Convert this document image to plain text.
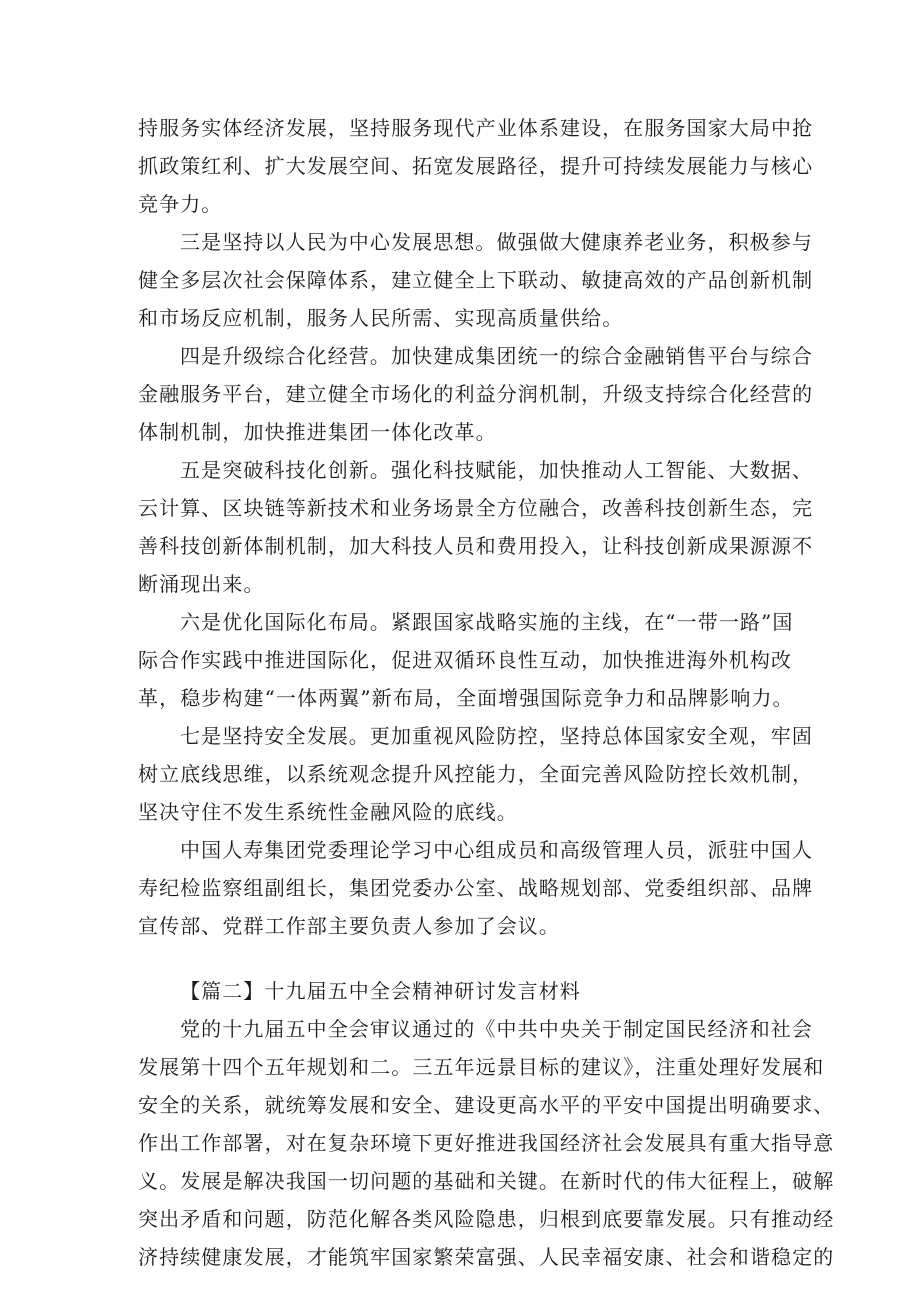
持服务实体经济发展，坚持服务现代产业体系建设，在服务国家大局中抢
抓政策红利、扩大发展空间、拓宽发展路径，提升可持续发展能力与核心
竞争力。
三是坚持以人民为中心发展思想。做强做大健康养老业务，积极参与
健全多层次社会保障体系，建立健全上下联动、敏捷高效的产品创新机制
和市场反应机制，服务人民所需、实现高质量供给。
四是升级综合化经营。加快建成集团统一的综合金融销售平台与综合
金融服务平台，建立健全市场化的利益分润机制，升级支持综合化经营的
体制机制，加快推进集团一体化改革。
五是突破科技化创新。强化科技赋能，加快推动人工智能、大数据、
云计算、区块链等新技术和业务场景全方位融合，改善科技创新生态，完
善科技创新体制机制，加大科技人员和费用投入，让科技创新成果源源不
断涌现出来。
六是优化国际化布局。紧跟国家战略实施的主线，在“一带一路”国
际合作实践中推进国际化，促进双循环良性互动，加快推进海外机构改
革，稳步构建“一体两翼”新布局，全面增强国际竞争力和品牌影响力。
七是坚持安全发展。更加重视风险防控，坚持总体国家安全观，牢固
树立底线思维，以系统观念提升风控能力，全面完善风险防控长效机制，
坚决守住不发生系统性金融风险的底线。
中国人寿集团党委理论学习中心组成员和高级管理人员，派驻中国人
寿纪检监察组副组长，集团党委办公室、战略规划部、党委组织部、品牌
宣传部、党群工作部主要负责人参加了会议。
【篇二】十九届五中全会精神研讨发言材料
党的十九届五中全会审议通过的《中共中央关于制定国民经济和社会
发展第十四个五年规划和二。三五年远景目标的建议》，注重处理好发展和
安全的关系，就统筹发展和安全、建设更高水平的平安中国提出明确要求、
作出工作部署，对在复杂环境下更好推进我国经济社会发展具有重大指导意
义。发展是解决我国一切问题的基础和关键。在新时代的伟大征程上，破解
突出矛盾和问题，防范化解各类风险隐患，归根到底要靠发展。只有推动经
济持续健康发展，才能筑牢国家繁荣富强、人民幸福安康、社会和谐稳定的
